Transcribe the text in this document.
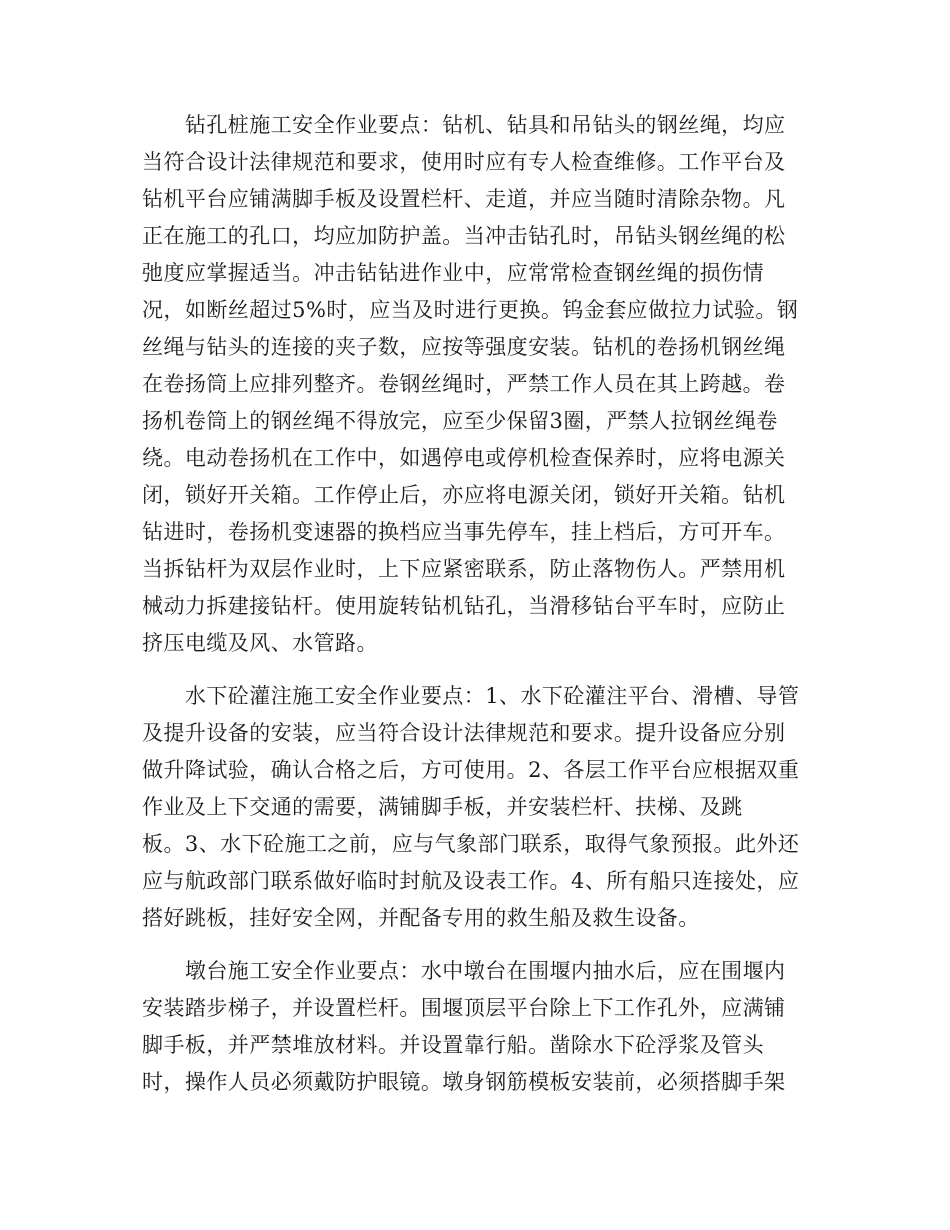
　　钻孔桩施工安全作业要点：钻机、钻具和吊钻头的钢丝绳，均应
当符合设计法律规范和要求，使用时应有专人检查维修。工作平台及
钻机平台应铺满脚手板及设置栏杆、走道，并应当随时清除杂物。凡
正在施工的孔口，均应加防护盖。当冲击钻孔时，吊钻头钢丝绳的松
弛度应掌握适当。冲击钻钻进作业中，应常常检查钢丝绳的损伤情
况，如断丝超过5%时，应当及时进行更换。钨金套应做拉力试验。钢
丝绳与钻头的连接的夹子数，应按等强度安装。钻机的卷扬机钢丝绳
在卷扬筒上应排列整齐。卷钢丝绳时，严禁工作人员在其上跨越。卷
扬机卷筒上的钢丝绳不得放完，应至少保留3圈，严禁人拉钢丝绳卷
绕。电动卷扬机在工作中，如遇停电或停机检查保养时，应将电源关
闭，锁好开关箱。工作停止后，亦应将电源关闭，锁好开关箱。钻机
钻进时，卷扬机变速器的换档应当事先停车，挂上档后，方可开车。
当拆钻杆为双层作业时，上下应紧密联系，防止落物伤人。严禁用机
械动力拆建接钻杆。使用旋转钻机钻孔，当滑移钻台平车时，应防止
挤压电缆及风、水管路。
　　水下砼灌注施工安全作业要点：1、水下砼灌注平台、滑槽、导管
及提升设备的安装，应当符合设计法律规范和要求。提升设备应分别
做升降试验，确认合格之后，方可使用。2、各层工作平台应根据双重
作业及上下交通的需要，满铺脚手板，并安装栏杆、扶梯、及跳
板。3、水下砼施工之前，应与气象部门联系，取得气象预报。此外还
应与航政部门联系做好临时封航及设表工作。4、所有船只连接处，应
搭好跳板，挂好安全网，并配备专用的救生船及救生设备。
　　墩台施工安全作业要点：水中墩台在围堰内抽水后，应在围堰内
安装踏步梯子，并设置栏杆。围堰顶层平台除上下工作孔外，应满铺
脚手板，并严禁堆放材料。并设置靠行船。凿除水下砼浮浆及管头
时，操作人员必须戴防护眼镜。墩身钢筋模板安装前，必须搭脚手架
